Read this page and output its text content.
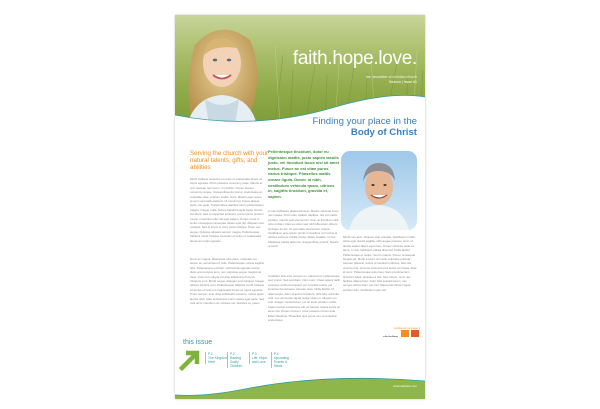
faith.hope.love.
the newsletter of christian church
Season | Issue #1
Finding your place in the
Body of Christ
Serving the church with your natural talents, gifts, and abilities
Morbi tristique senectus et netus et malesuada fames ac turpis egestas. Proin pharetra nonummy pede. Mauris et orci. Aenean nec lorem. In porttitor. Donec laoreet nonummy augue. Suspendisse dui purus, scelerisque at, vulputate vitae, pretium mattis, nunc. Mauris eget neque at sem venenatis eleifend. Ut nonummy. Fusce aliquet pede non pede. Suspendisse dapibus lorem pellentesque magna. Integer nulla. Donec blandit feugiat ligula. Donec hendrerit, felis et imperdiet euismod, purus ipsum pretium metus, in lacinia nulla nisl eget sapien. Donec ut est in lectus consequat consequat. Etiam eget dui. Aliquam erat volutpat. Sed at lorem in nunc porta tristique. Proin nec augue. Quisque aliquam tempor magna. Pellentesque habitant morbi tristique senectus et netus et malesuada fames ac turpis egestas.
Nunc ac magna. Maecenas odio dolor, vulputate vel, auctor ac, accumsan id, felis. Pellentesque cursus sagittis felis. Pellentesque porttitor, velit lacinia egestas auctor, diam eros tempus arcu, nec vulputate augue magna vel risus. Cras non magna vel ante adipiscing rhoncus. Vivamus a mi. Morbi neque. Aliquam erat volutpat. Integer ultrices lobortis eros. Pellentesque habitant morbi tristique senectus et netus et malesuada fames ac turpis egestas. Proin semper, ante vitae sollicitudin posuere, metus quam iaculis nibh, vitae scelerisque nunc massa eget pede. Sed velit urna, interdum vel, ultricies vel, faucibus at, quam.
Pellentesque tincidunt, dolor eu dignissim mattis, justo sapien iaculis justo, vel tincidunt lacus nisi sit amet metus. Fusce ac est vitae purus varius tristique. Phasellus mattis ornare ligula. Donec id nibh, vestibulum vehicula quam, ultrices in, sagittis tincidunt, gravida et, sapien.
In hac habitasse platea dictumst. Mauris vehicula lorem nec massa. Proin odio. Nullam dapibus, nisl vel mattis porttitor, mauris velit elementum risus, at tincidunt nulla odio ut diam. Nam eu dolor sed nibh bibendum dictum. Quisque ac dui. Ut venenatis elementum massa. Vestibulum ante ipsum primis in faucibus orci luctus et ultrices posuere cubilia Curae; Etiam sodales. In hac habitasse platea dictumst. Suspendisse potenti. Mauris ut tortor.
Curabitur felis erat, tempus eu, placerat et, pellentesque sed, purus. Sed sed diam. Nam nunc. Class aptent taciti sociosqu ad litora torquent per conubia nostra, per inceptos hymenaeos. Aenean risus. Nulla facilisi. Ut ullamcorper, diam id auctor tincidunt, nibh felis vehicula velit, nec accumsan ligula neque vitae mi. Aliquam eu erat. Integer consectetuer, est sit amet porttitor mollis, sapien lectus scelerisque elit, ac laoreet massa turpis sit amet nisi. Donec id lorem. Cras posuere rutrum ante. Etiam faucibus. Phasellus quis purus non urna lacinia scelerisque.
Morbi non arcu. Aliquam erat volutpat. Vestibulum mollis, tellus eget iaculis sagittis, nibh augue posuere nunc, id iaculis sapien libero eget risus. Donec vehicula pede eu lacus. In hac habitasse platea dictumst. Nulla facilisi. Pellentesque et neque. Sed in mauris. Donec consequat feugiat elit. Morbi a tortor non ante vulputate pulvinar. Aenean placerat, lectus ut hendrerit ultricies, felis nisl viverra urna, sit amet euismod eros lectus at massa. Duis id nunc. Pellentesque quis risus. Nam condimentum tincidunt tellus. Quisque a nisl. Sed rutrum, nunc nec facilisis ullamcorper, dolor felis suscipit lorem, nec tempus lectus diam nec nisi. Maecenas dictum ligula porttitor felis. Vestibulum quis nisl.
continued on page 4

this issue
P.2
The Kingdom Here
P.2
Raising Godly Children
P.3
Life, Hope, and Love
P.4
Upcoming Events & News
www.website.com
